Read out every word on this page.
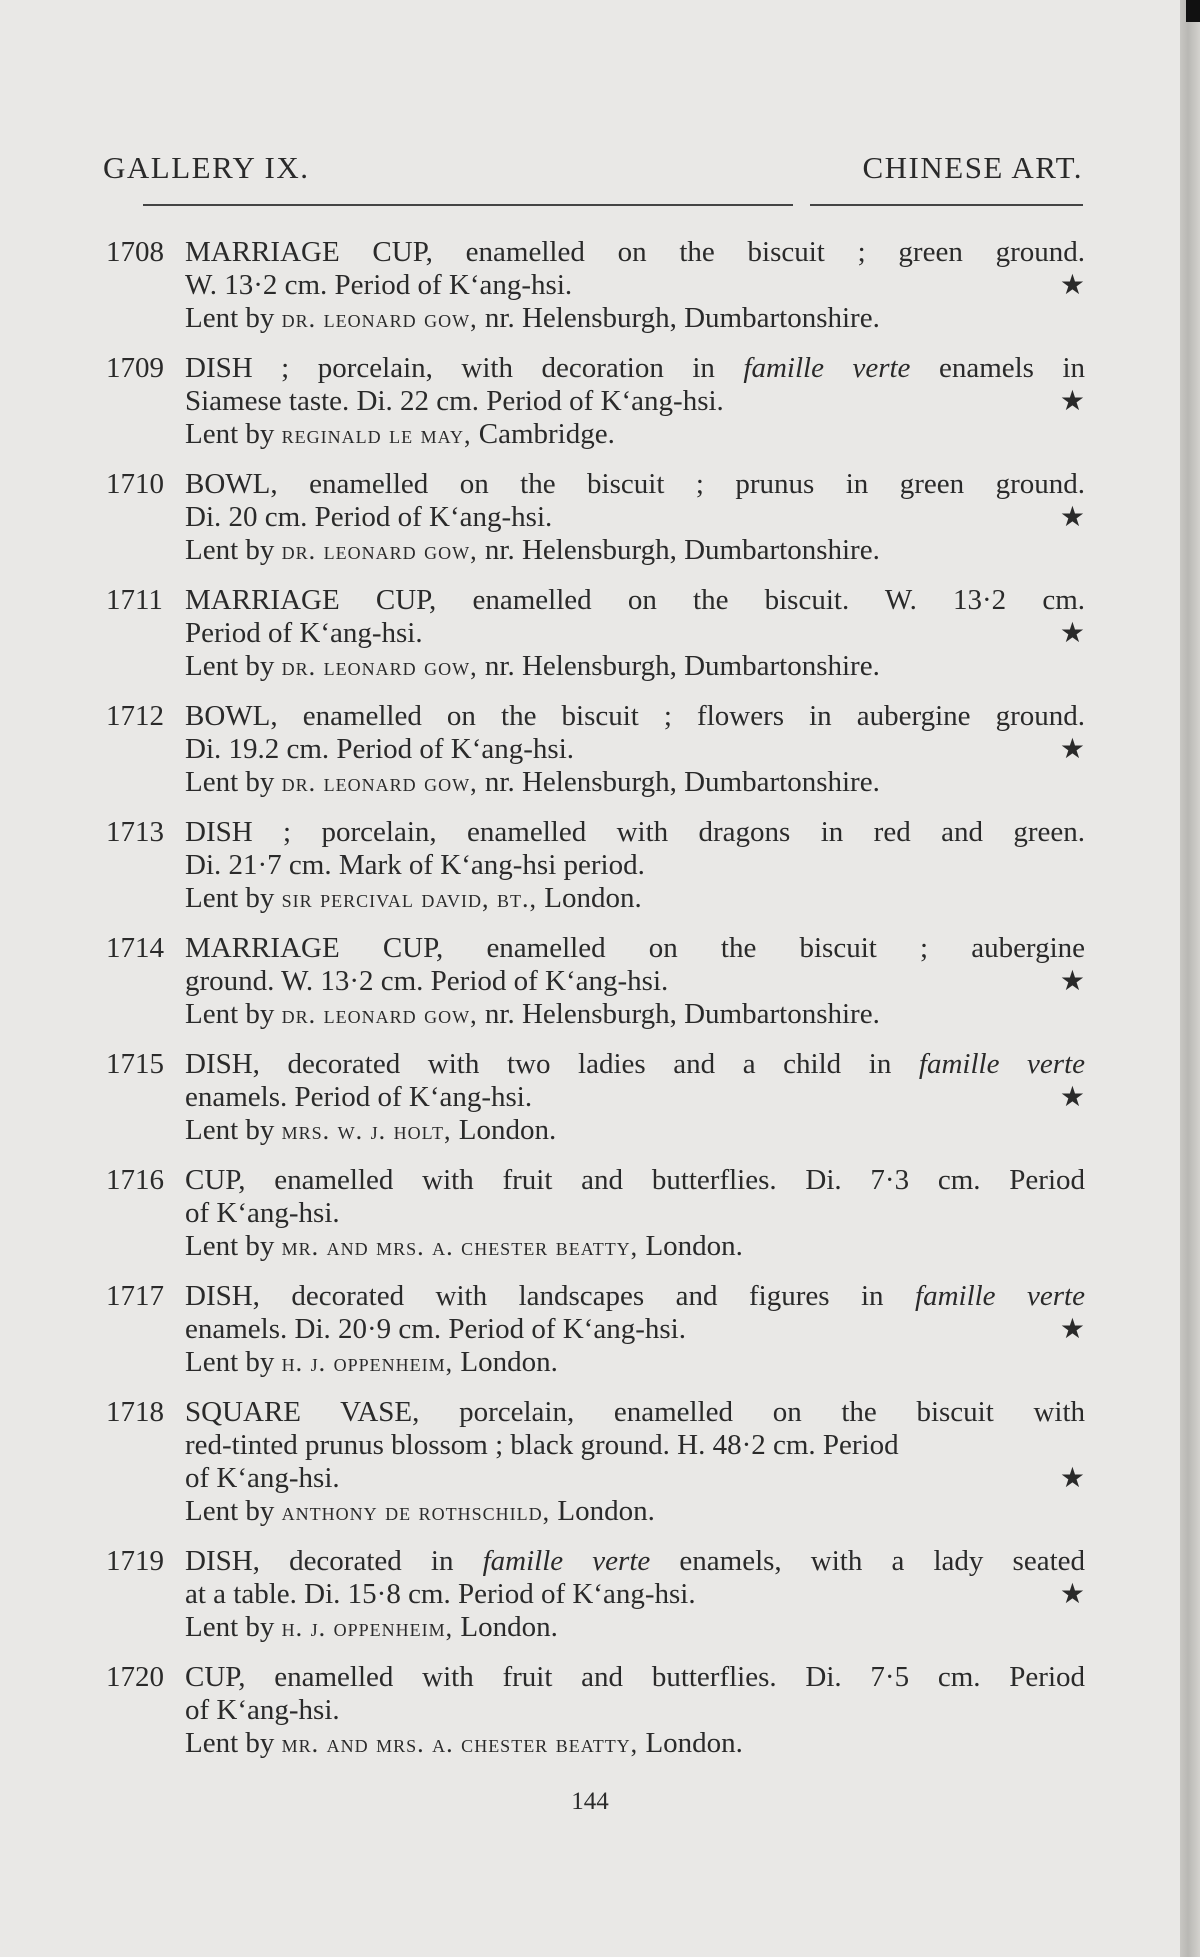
GALLERY IX.	CHINESE ART.
1708 MARRIAGE CUP, enamelled on the biscuit ; green ground.
W. 13·2 cm. Period of K‘ang-hsi.	★
Lent by dr. leonard gow, nr. Helensburgh, Dumbartonshire.
1709 DISH ; porcelain, with decoration in famille verte enamels in
Siamese taste. Di. 22 cm. Period of K‘ang-hsi.	★
Lent by reginald le may, Cambridge.
1710 BOWL, enamelled on the biscuit ; prunus in green ground.
Di. 20 cm. Period of K‘ang-hsi.	★
Lent by dr. leonard gow, nr. Helensburgh, Dumbartonshire.
1711 MARRIAGE CUP, enamelled on the biscuit. W. 13·2 cm.
Period of K‘ang-hsi.	★
Lent by dr. leonard gow, nr. Helensburgh, Dumbartonshire.
1712 BOWL, enamelled on the biscuit ; flowers in aubergine ground.
Di. 19.2 cm. Period of K‘ang-hsi.	★
Lent by dr. leonard gow, nr. Helensburgh, Dumbartonshire.
1713 DISH ; porcelain, enamelled with dragons in red and green.
Di. 21·7 cm. Mark of K‘ang-hsi period.
Lent by sir percival david, bt., London.
1714 MARRIAGE CUP, enamelled on the biscuit ; aubergine
ground. W. 13·2 cm. Period of K‘ang-hsi.	★
Lent by dr. leonard gow, nr. Helensburgh, Dumbartonshire.
1715 DISH, decorated with two ladies and a child in famille verte
enamels. Period of K‘ang-hsi.	★
Lent by mrs. w. j. holt, London.
1716 CUP, enamelled with fruit and butterflies. Di. 7·3 cm. Period
of K‘ang-hsi.
Lent by mr. and mrs. a. chester beatty, London.
1717 DISH, decorated with landscapes and figures in famille verte
enamels. Di. 20·9 cm. Period of K‘ang-hsi.	★
Lent by h. j. oppenheim, London.
1718 SQUARE VASE, porcelain, enamelled on the biscuit with
red-tinted prunus blossom ; black ground. H. 48·2 cm. Period
of K‘ang-hsi.	★
Lent by anthony de rothschild, London.
1719 DISH, decorated in famille verte enamels, with a lady seated
at a table. Di. 15·8 cm. Period of K‘ang-hsi.	★
Lent by h. j. oppenheim, London.
1720 CUP, enamelled with fruit and butterflies. Di. 7·5 cm. Period
of K‘ang-hsi.
Lent by mr. and mrs. a. chester beatty, London.
144
